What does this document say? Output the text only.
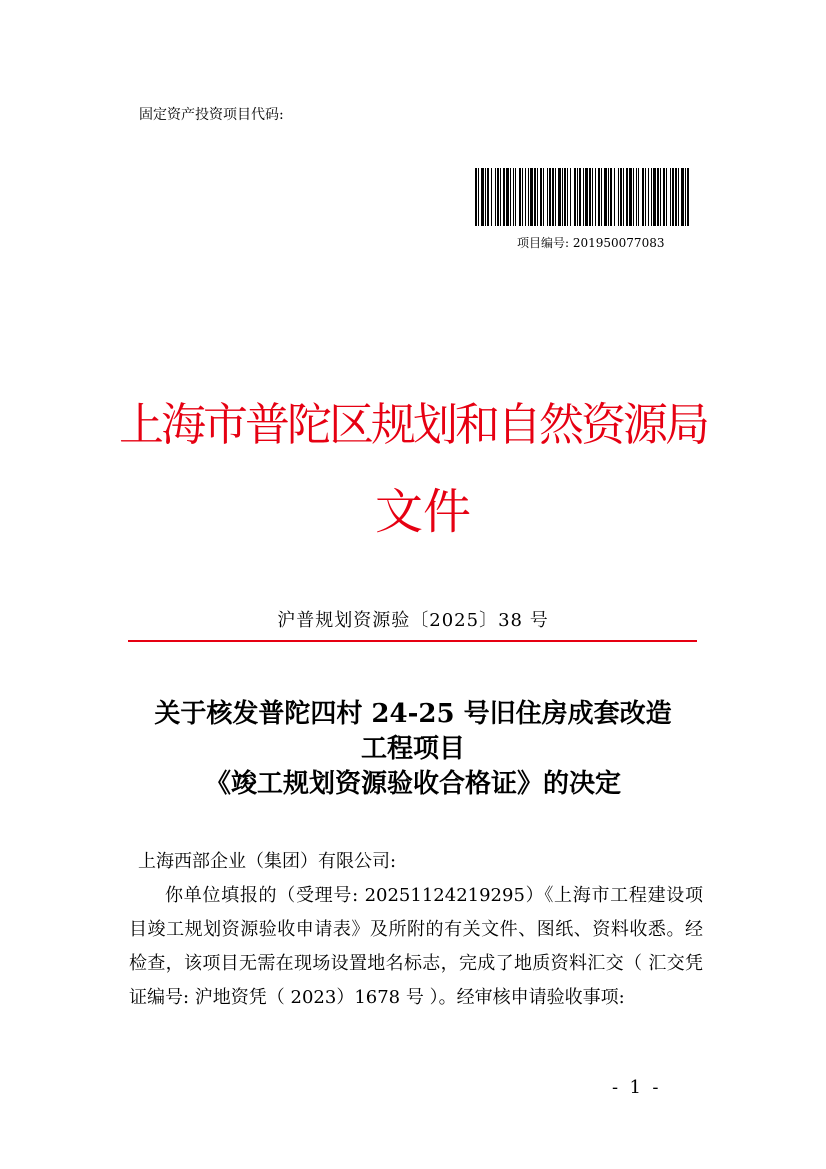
固定资产投资项目代码:
项目编号: 201950077083
上海市普陀区规划和自然资源局
文件
沪普规划资源验〔2025〕38 号
关于核发普陀四村 24-25 号旧住房成套改造
工程项目
《竣工规划资源验收合格证》的决定

上海西部企业（集团）有限公司:

你单位填报的（受理号: 20251124219295）《上海市工程建设项目竣工规划资源验收申请表》及所附的有关文件、图纸、资料收悉。经检查，该项目无需在现场设置地名标志，完成了地质资料汇交（ 汇交凭证编号: 沪地资凭（ 2023）1678 号 ）。经审核申请验收事项:

-  1  -
